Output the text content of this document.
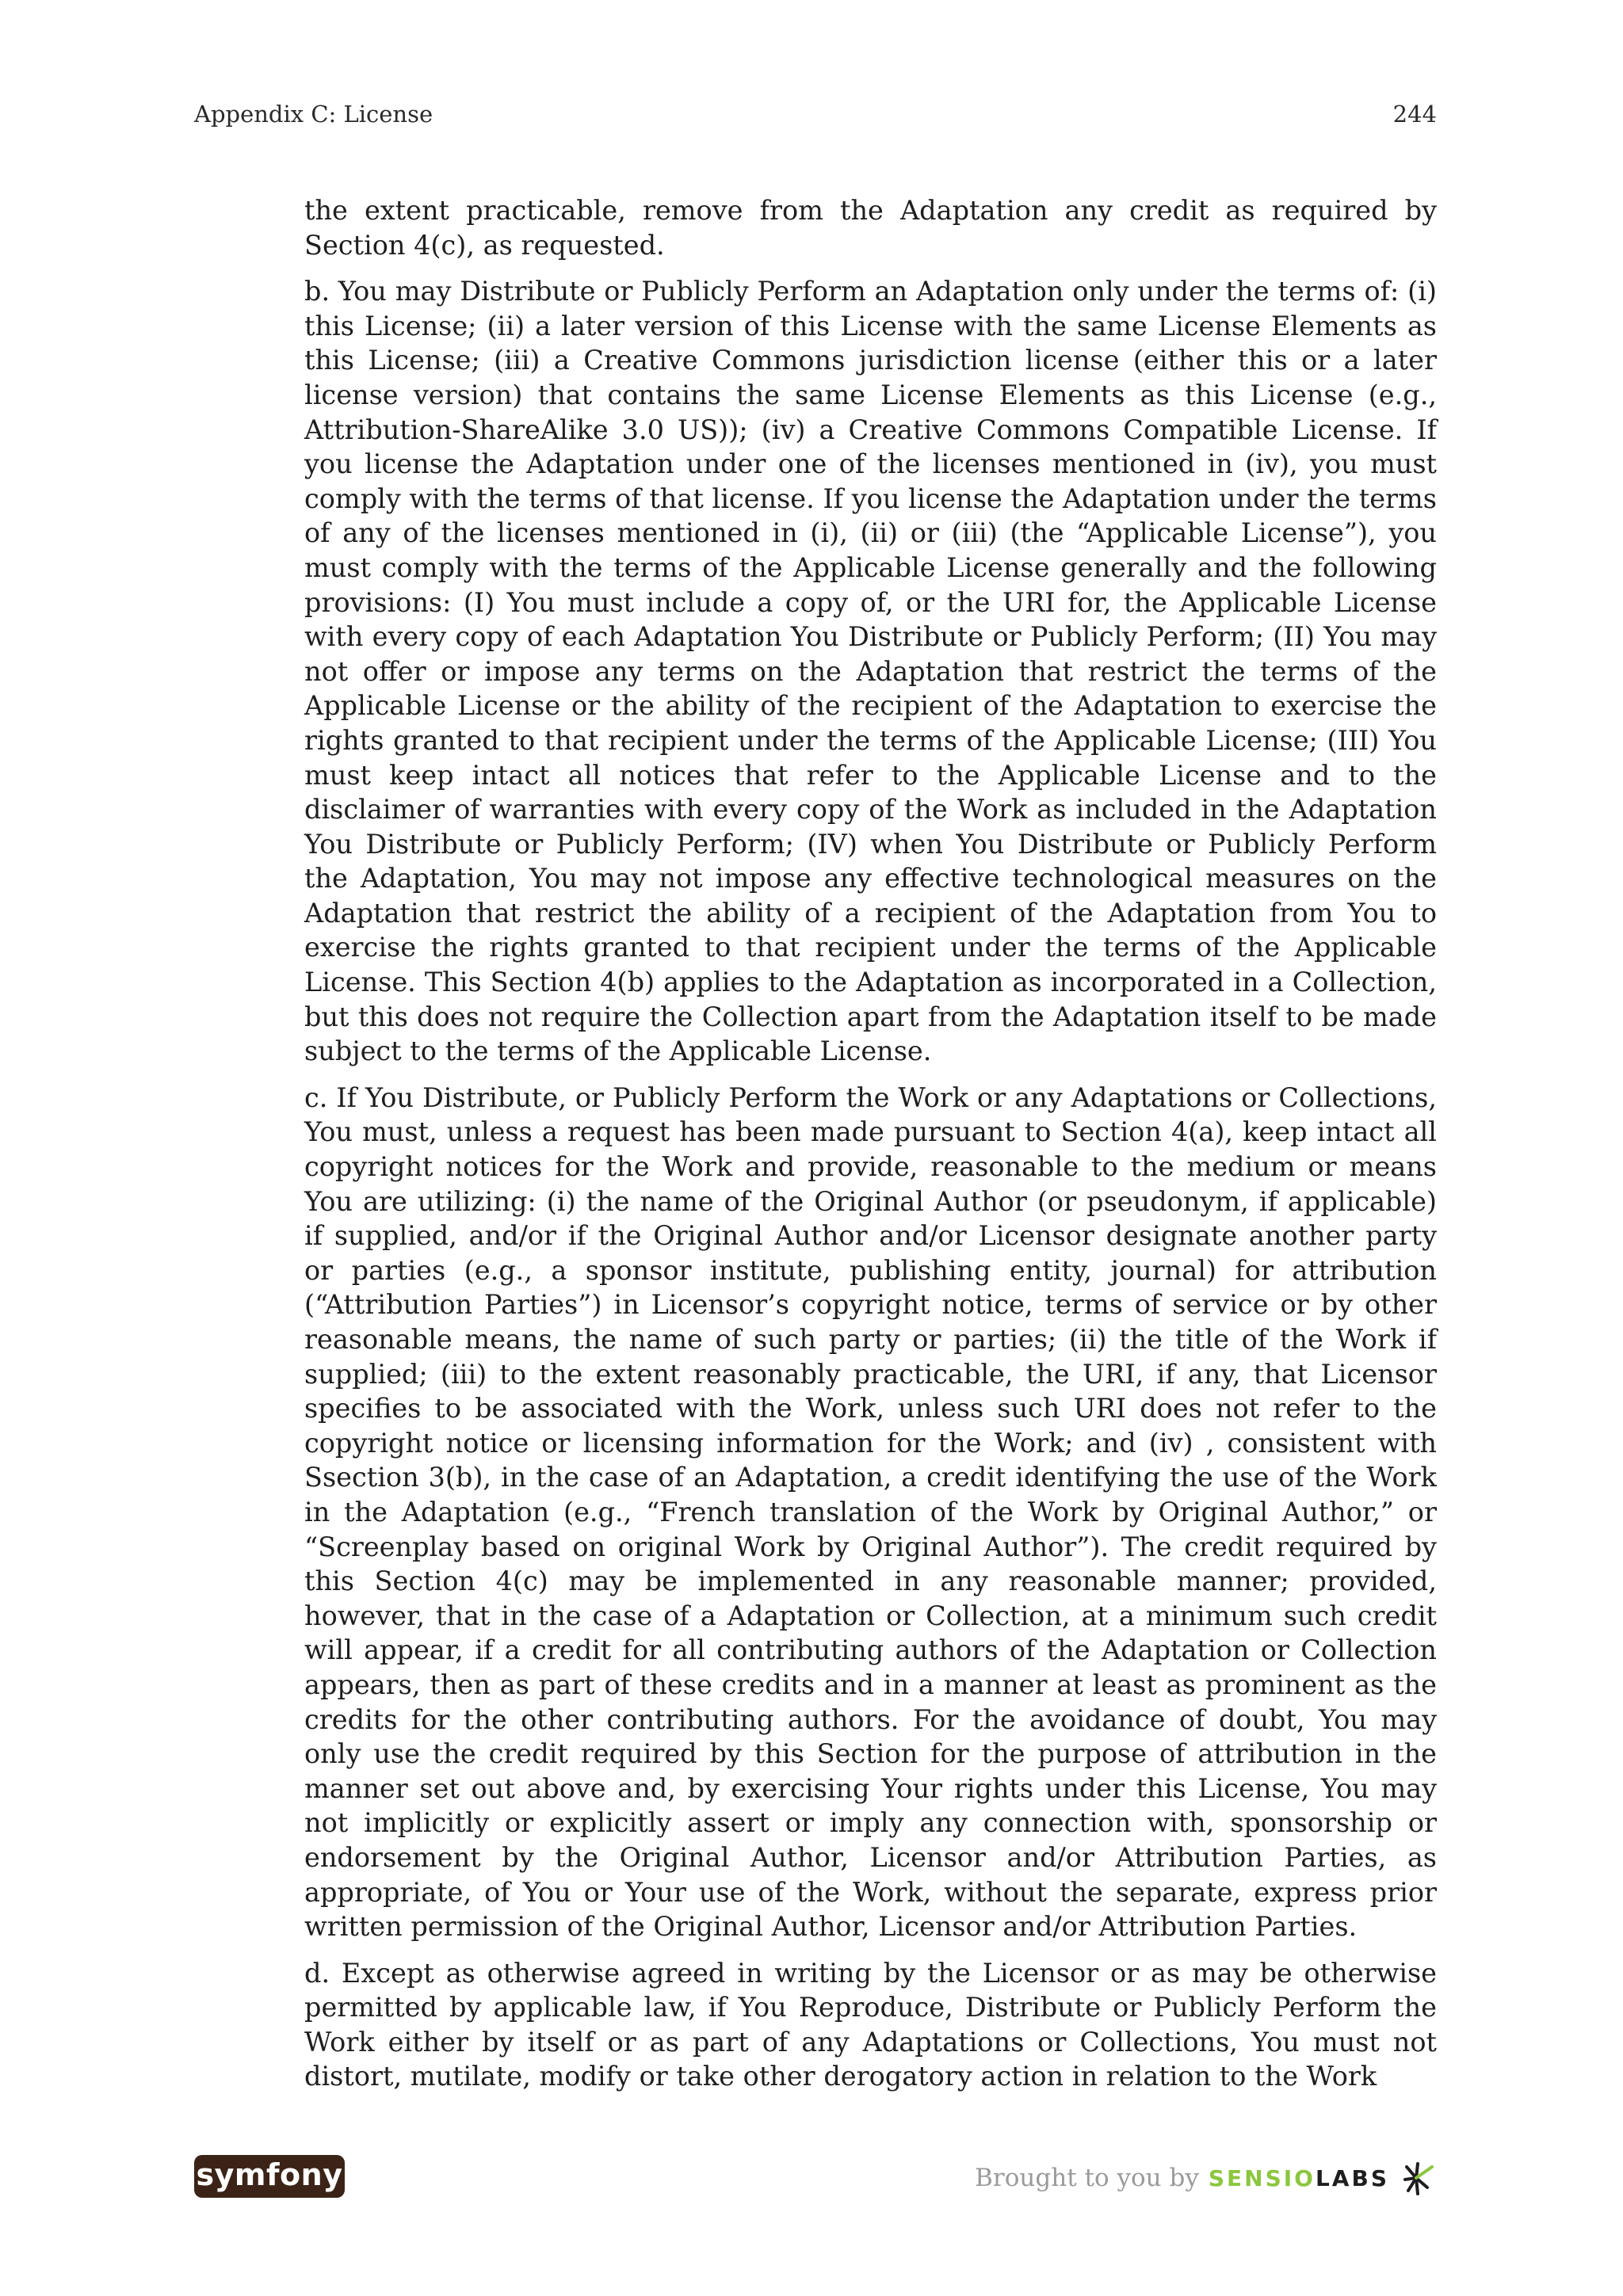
Appendix C: License	244

the extent practicable, remove from the Adaptation any credit as required by Section 4(c), as requested.

b. You may Distribute or Publicly Perform an Adaptation only under the terms of: (i) this License; (ii) a later version of this License with the same License Elements as this License; (iii) a Creative Commons jurisdiction license (either this or a later license version) that contains the same License Elements as this License (e.g., Attribution-ShareAlike 3.0 US)); (iv) a Creative Commons Compatible License. If you license the Adaptation under one of the licenses mentioned in (iv), you must comply with the terms of that license. If you license the Adaptation under the terms of any of the licenses mentioned in (i), (ii) or (iii) (the “Applicable License”), you must comply with the terms of the Applicable License generally and the following provisions: (I) You must include a copy of, or the URI for, the Applicable License with every copy of each Adaptation You Distribute or Publicly Perform; (II) You may not offer or impose any terms on the Adaptation that restrict the terms of the Applicable License or the ability of the recipient of the Adaptation to exercise the rights granted to that recipient under the terms of the Applicable License; (III) You must keep intact all notices that refer to the Applicable License and to the disclaimer of warranties with every copy of the Work as included in the Adaptation You Distribute or Publicly Perform; (IV) when You Distribute or Publicly Perform the Adaptation, You may not impose any effective technological measures on the Adaptation that restrict the ability of a recipient of the Adaptation from You to exercise the rights granted to that recipient under the terms of the Applicable License. This Section 4(b) applies to the Adaptation as incorporated in a Collection, but this does not require the Collection apart from the Adaptation itself to be made subject to the terms of the Applicable License.

c. If You Distribute, or Publicly Perform the Work or any Adaptations or Collections, You must, unless a request has been made pursuant to Section 4(a), keep intact all copyright notices for the Work and provide, reasonable to the medium or means You are utilizing: (i) the name of the Original Author (or pseudonym, if applicable) if supplied, and/or if the Original Author and/or Licensor designate another party or parties (e.g., a sponsor institute, publishing entity, journal) for attribution (“Attribution Parties”) in Licensor’s copyright notice, terms of service or by other reasonable means, the name of such party or parties; (ii) the title of the Work if supplied; (iii) to the extent reasonably practicable, the URI, if any, that Licensor specifies to be associated with the Work, unless such URI does not refer to the copyright notice or licensing information for the Work; and (iv) , consistent with Ssection 3(b), in the case of an Adaptation, a credit identifying the use of the Work in the Adaptation (e.g., “French translation of the Work by Original Author,” or “Screenplay based on original Work by Original Author”). The credit required by this Section 4(c) may be implemented in any reasonable manner; provided, however, that in the case of a Adaptation or Collection, at a minimum such credit will appear, if a credit for all contributing authors of the Adaptation or Collection appears, then as part of these credits and in a manner at least as prominent as the credits for the other contributing authors. For the avoidance of doubt, You may only use the credit required by this Section for the purpose of attribution in the manner set out above and, by exercising Your rights under this License, You may not implicitly or explicitly assert or imply any connection with, sponsorship or endorsement by the Original Author, Licensor and/or Attribution Parties, as appropriate, of You or Your use of the Work, without the separate, express prior written permission of the Original Author, Licensor and/or Attribution Parties.

d. Except as otherwise agreed in writing by the Licensor or as may be otherwise permitted by applicable law, if You Reproduce, Distribute or Publicly Perform the Work either by itself or as part of any Adaptations or Collections, You must not distort, mutilate, modify or take other derogatory action in relation to the Work

symfony	Brought to you by SENSIOLABS
